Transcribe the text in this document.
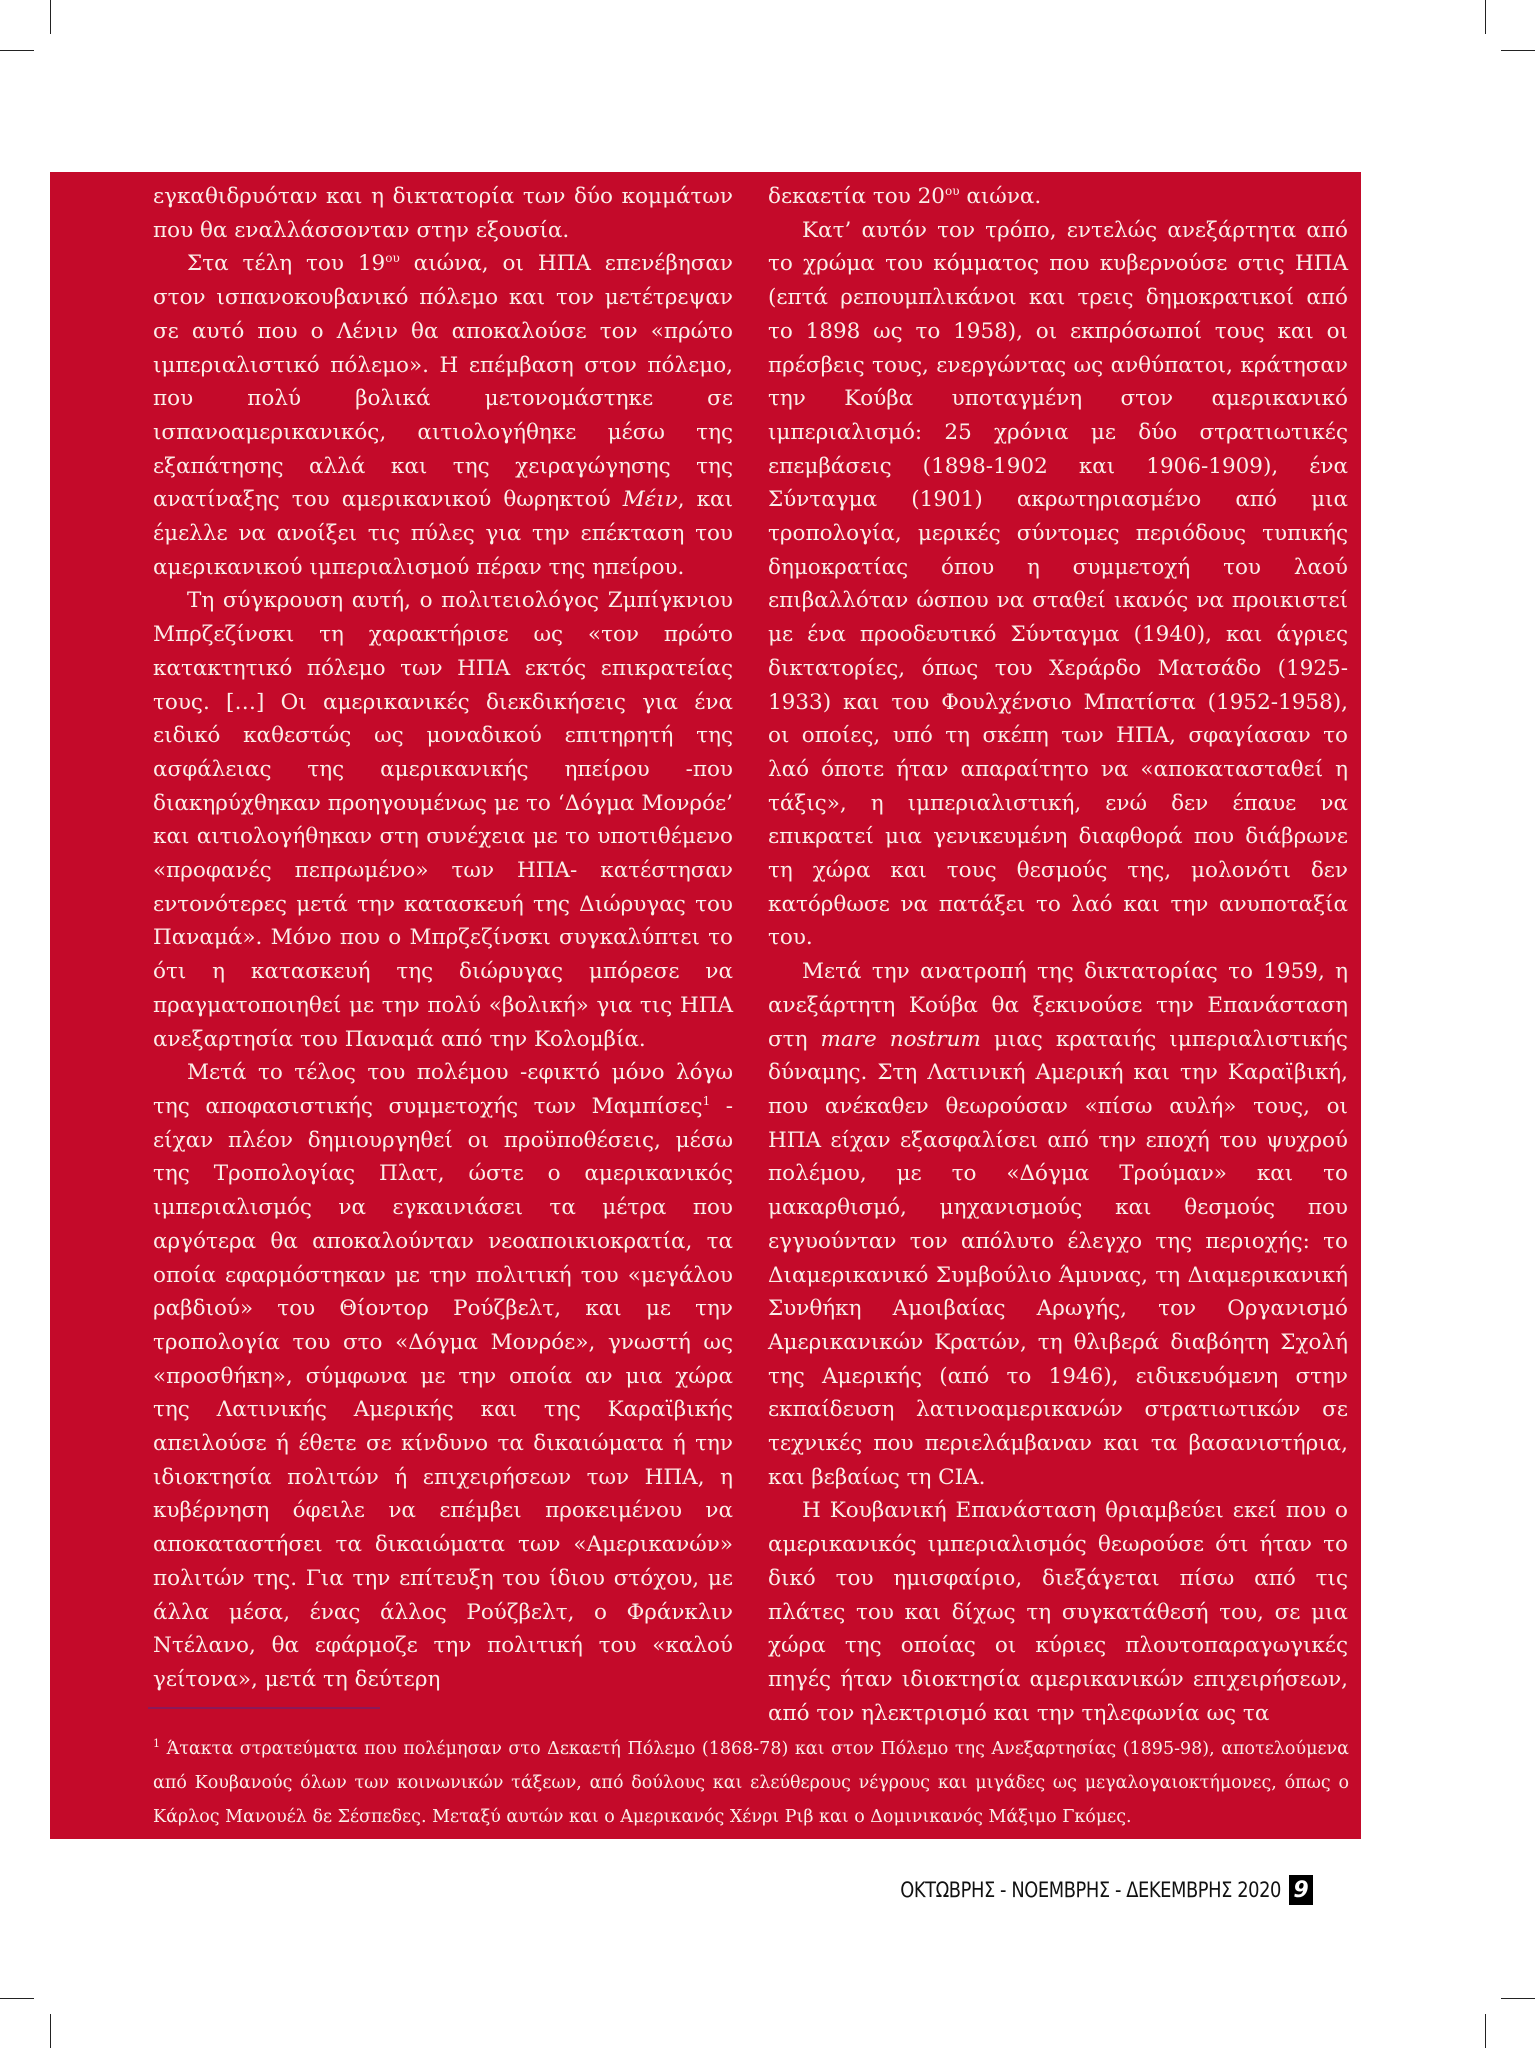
εγκαθιδρυόταν και η δικτατορία των δύο κομμάτων που θα εναλλάσσονταν στην εξουσία.

Στα τέλη του $19^{o\upsilon}$ αιώνα, οι ΗΠΑ επενέβησαν στον ισπανοκουβανικό πόλεμο και τον μετέτρεψαν σε αυτό που ο Λένιν θα αποκαλούσε τον «πρώτο ιμπεριαλιστικό πόλεμο». Η επέμβαση στον πόλεμο, που πολύ βολικά μετονομάστηκε σε ισπανοαμερικανικός, αιτιολογήθηκε μέσω της εξαπάτησης αλλά και της χειραγώγησης της ανατίναξης του αμερικανικού θωρηκτού Μέιν, και έμελλε να ανοίξει τις πύλες για την επέκταση του αμερικανικού ιμπεριαλισμού πέραν της ηπείρου.

Τη σύγκρουση αυτή, ο πολιτειολόγος Ζμπίγκνιου Μπρζεζίνσκι τη χαρακτήρισε ως «τον πρώτο κατακτητικό πόλεμο των ΗΠΑ εκτός επικρατείας τους. […] Οι αμερικανικές διεκδικήσεις για ένα ειδικό καθεστώς ως μοναδικού επιτηρητή της ασφάλειας της αμερικανικής ηπείρου -που διακηρύχθηκαν προηγουμένως με το ‘Δόγμα Μονρόε’ και αιτιολογήθηκαν στη συνέχεια με το υποτιθέμενο «προφανές πεπρωμένο» των ΗΠΑ- κατέστησαν εντονότερες μετά την κατασκευή της Διώρυγας του Παναμά». Μόνο που ο Μπρζεζίνσκι συγκαλύπτει το ότι η κατασκευή της διώρυγας μπόρεσε να πραγματοποιηθεί με την πολύ «βολική» για τις ΗΠΑ ανεξαρτησία του Παναμά από την Κολομβία.

Μετά το τέλος του πολέμου -εφικτό μόνο λόγω της αποφασιστικής συμμετοχής των Μαμπίσες$^1$ - είχαν πλέον δημιουργηθεί οι προϋποθέσεις, μέσω της Τροπολογίας Πλατ, ώστε ο αμερικανικός ιμπεριαλισμός να εγκαινιάσει τα μέτρα που αργότερα θα αποκαλούνταν νεοαποικιοκρατία, τα οποία εφαρμόστηκαν με την πολιτική του «μεγάλου ραβδιού» του Θίοντορ Ρούζβελτ, και με την τροπολογία του στο «Δόγμα Μονρόε», γνωστή ως «προσθήκη», σύμφωνα με την οποία αν μια χώρα της Λατινικής Αμερικής και της Καραϊβικής απειλούσε ή έθετε σε κίνδυνο τα δικαιώματα ή την ιδιοκτησία πολιτών ή επιχειρήσεων των ΗΠΑ, η κυβέρνηση όφειλε να επέμβει προκειμένου να αποκαταστήσει τα δικαιώματα των «Αμερικανών» πολιτών της. Για την επίτευξη του ίδιου στόχου, με άλλα μέσα, ένας άλλος Ρούζβελτ, ο Φράνκλιν Ντέλανο, θα εφάρμοζε την πολιτική του «καλού γείτονα», μετά τη δεύτερη

δεκαετία του $20^{o\upsilon}$ αιώνα.

Κατ’ αυτόν τον τρόπο, εντελώς ανεξάρτητα από το χρώμα του κόμματος που κυβερνούσε στις ΗΠΑ (επτά ρεπουμπλικάνοι και τρεις δημοκρατικοί από το 1898 ως το 1958), οι εκπρόσωποί τους και οι πρέσβεις τους, ενεργώντας ως ανθύπατοι, κράτησαν την Κούβα υποταγμένη στον αμερικανικό ιμπεριαλισμό: 25 χρόνια με δύο στρατιωτικές επεμβάσεις (1898-1902 και 1906-1909), ένα Σύνταγμα (1901) ακρωτηριασμένο από μια τροπολογία, μερικές σύντομες περιόδους τυπικής δημοκρατίας όπου η συμμετοχή του λαού επιβαλλόταν ώσπου να σταθεί ικανός να προικιστεί με ένα προοδευτικό Σύνταγμα (1940), και άγριες δικτατορίες, όπως του Χεράρδο Ματσάδο (1925-1933) και του Φουλχένσιο Μπατίστα (1952-1958), οι οποίες, υπό τη σκέπη των ΗΠΑ, σφαγίασαν το λαό όποτε ήταν απαραίτητο να «αποκατασταθεί η τάξις», η ιμπεριαλιστική, ενώ δεν έπαυε να επικρατεί μια γενικευμένη διαφθορά που διάβρωνε τη χώρα και τους θεσμούς της, μολονότι δεν κατόρθωσε να πατάξει το λαό και την ανυποταξία του.

Μετά την ανατροπή της δικτατορίας το 1959, η ανεξάρτητη Κούβα θα ξεκινούσε την Επανάσταση στη mare nostrum μιας κραταιής ιμπεριαλιστικής δύναμης. Στη Λατινική Αμερική και την Καραϊβική, που ανέκαθεν θεωρούσαν «πίσω αυλή» τους, οι ΗΠΑ είχαν εξασφαλίσει από την εποχή του ψυχρού πολέμου, με το «Δόγμα Τρούμαν» και το μακαρθισμό, μηχανισμούς και θεσμούς που εγγυούνταν τον απόλυτο έλεγχο της περιοχής: το Διαμερικανικό Συμβούλιο Άμυνας, τη Διαμερικανική Συνθήκη Αμοιβαίας Αρωγής, τον Οργανισμό Αμερικανικών Κρατών, τη θλιβερά διαβόητη Σχολή της Αμερικής (από το 1946), ειδικευόμενη στην εκπαίδευση λατινοαμερικανών στρατιωτικών σε τεχνικές που περιελάμβαναν και τα βασανιστήρια, και βεβαίως τη CIA.

Η Κουβανική Επανάσταση θριαμβεύει εκεί που ο αμερικανικός ιμπεριαλισμός θεωρούσε ότι ήταν το δικό του ημισφαίριο, διεξάγεται πίσω από τις πλάτες του και δίχως τη συγκατάθεσή του, σε μια χώρα της οποίας οι κύριες πλουτοπαραγωγικές πηγές ήταν ιδιοκτησία αμερικανικών επιχειρήσεων, από τον ηλεκτρισμό και την τηλεφωνία ως τα

$^1$ Άτακτα στρατεύματα που πολέμησαν στο Δεκαετή Πόλεμο (1868-78) και στον Πόλεμο της Ανεξαρτησίας (1895-98), αποτελούμενα από Κουβανούς όλων των κοινωνικών τάξεων, από δούλους και ελεύθερους νέγρους και μιγάδες ως μεγαλογαιοκτήμονες, όπως ο Κάρλος Μανουέλ δε Σέσπεδες. Μεταξύ αυτών και ο Αμερικανός Χένρι Ριβ και ο Δομινικανός Μάξιμο Γκόμες.
ΟΚΤΩΒΡΗΣ - ΝΟΕΜΒΡΗΣ - ΔΕΚΕΜΒΡΗΣ 2020 9
